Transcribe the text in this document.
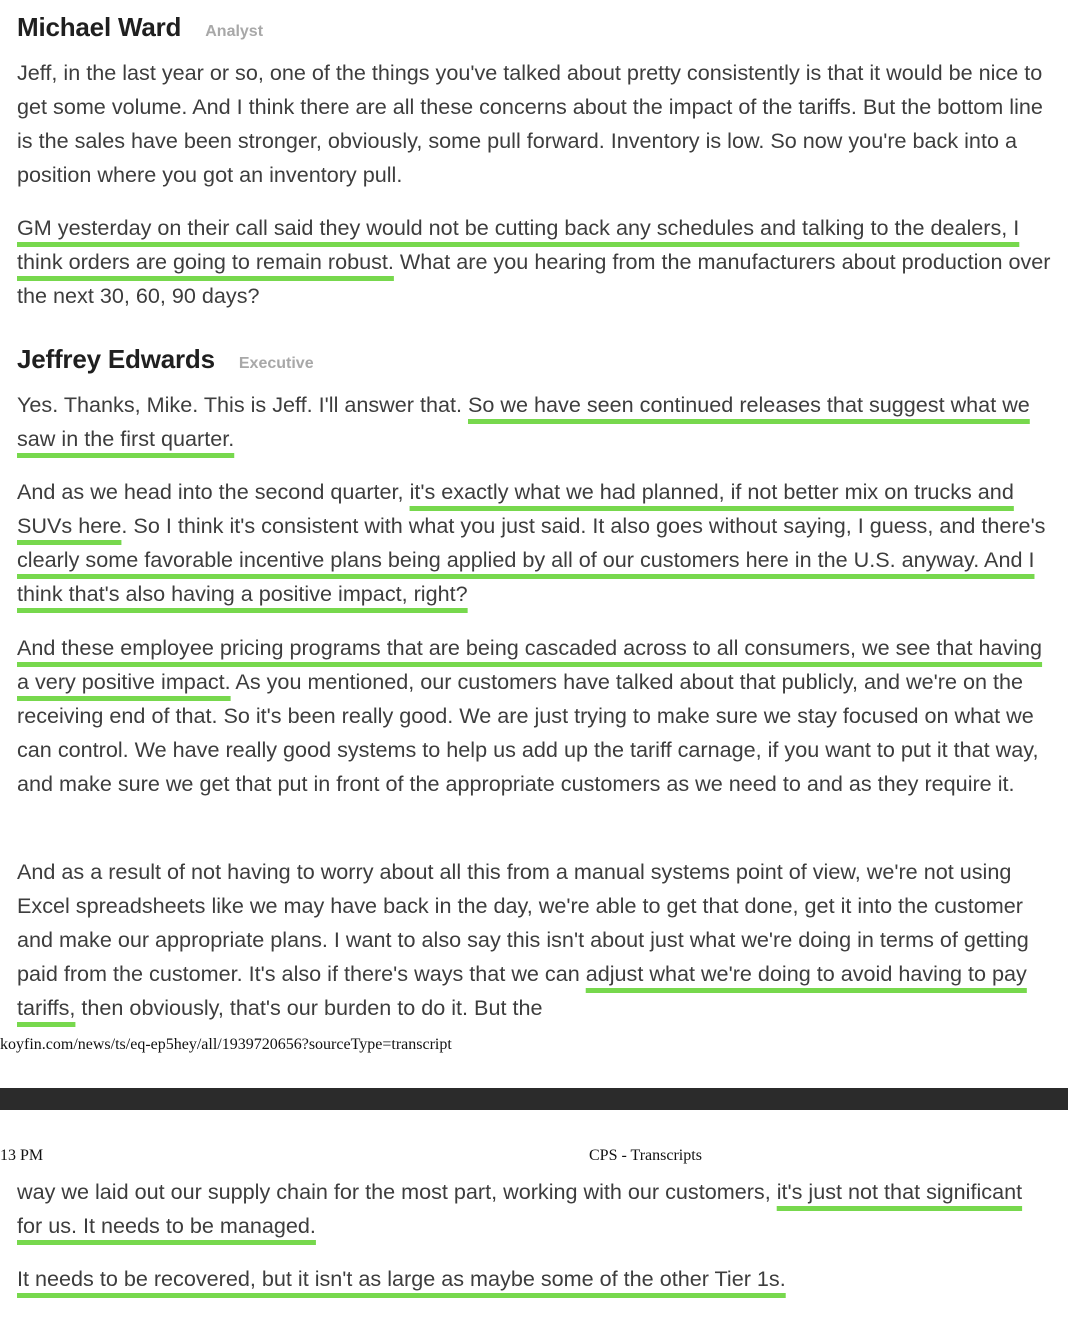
Michael Ward Analyst

Jeff, in the last year or so, one of the things you've talked about pretty consistently is that it would be nice to get some volume. And I think there are all these concerns about the impact of the tariffs. But the bottom line is the sales have been stronger, obviously, some pull forward. Inventory is low. So now you're back into a position where you got an inventory pull.

GM yesterday on their call said they would not be cutting back any schedules and talking to the dealers, I think orders are going to remain robust. What are you hearing from the manufacturers about production over the next 30, 60, 90 days?

Jeffrey Edwards Executive

Yes. Thanks, Mike. This is Jeff. I'll answer that. So we have seen continued releases that suggest what we saw in the first quarter.

And as we head into the second quarter, it's exactly what we had planned, if not better mix on trucks and SUVs here. So I think it's consistent with what you just said. It also goes without saying, I guess, and there's clearly some favorable incentive plans being applied by all of our customers here in the U.S. anyway. And I think that's also having a positive impact, right?

And these employee pricing programs that are being cascaded across to all consumers, we see that having a very positive impact. As you mentioned, our customers have talked about that publicly, and we're on the receiving end of that. So it's been really good. We are just trying to make sure we stay focused on what we can control. We have really good systems to help us add up the tariff carnage, if you want to put it that way, and make sure we get that put in front of the appropriate customers as we need to and as they require it.

And as a result of not having to worry about all this from a manual systems point of view, we're not using Excel spreadsheets like we may have back in the day, we're able to get that done, get it into the customer and make our appropriate plans. I want to also say this isn't about just what we're doing in terms of getting paid from the customer. It's also if there's ways that we can adjust what we're doing to avoid having to pay tariffs, then obviously, that's our burden to do it. But the

koyfin.com/news/ts/eq-ep5hey/all/1939720656?sourceType=transcript
13 PM	CPS - Transcripts

way we laid out our supply chain for the most part, working with our customers, it's just not that significant for us. It needs to be managed.

It needs to be recovered, but it isn't as large as maybe some of the other Tier 1s.
